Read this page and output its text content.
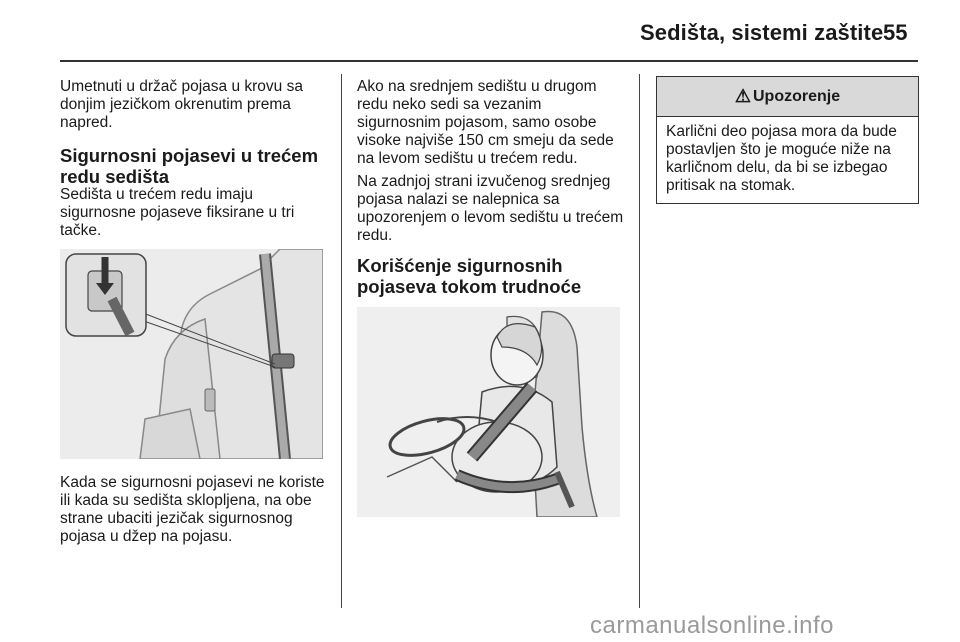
Sedišta, sistemi zaštite 55
Umetnuti u držač pojasa u krovu sa donjim jezičkom okrenutim prema napred.
Sigurnosni pojasevi u trećem redu sedišta
Sedišta u trećem redu imaju sigurnosne pojaseve fiksirane u tri tačke.
Kada se sigurnosni pojasevi ne koriste ili kada su sedišta sklopljena, na obe strane ubaciti jezičak sigurnosnog pojasa u džep na pojasu.
Ako na srednjem sedištu u drugom redu neko sedi sa vezanim sigurnosnim pojasom, samo osobe visoke najviše 150 cm smeju da sede na levom sedištu u trećem redu.
Na zadnjoj strani izvučenog srednjeg pojasa nalazi se nalepnica sa upozorenjem o levom sedištu u trećem redu.
Korišćenje sigurnosnih pojaseva tokom trudnoće
⚠ Upozorenje
Karlični deo pojasa mora da bude postavljen što je moguće niže na karličnom delu, da bi se izbegao pritisak na stomak.
carmanualsonline.info
